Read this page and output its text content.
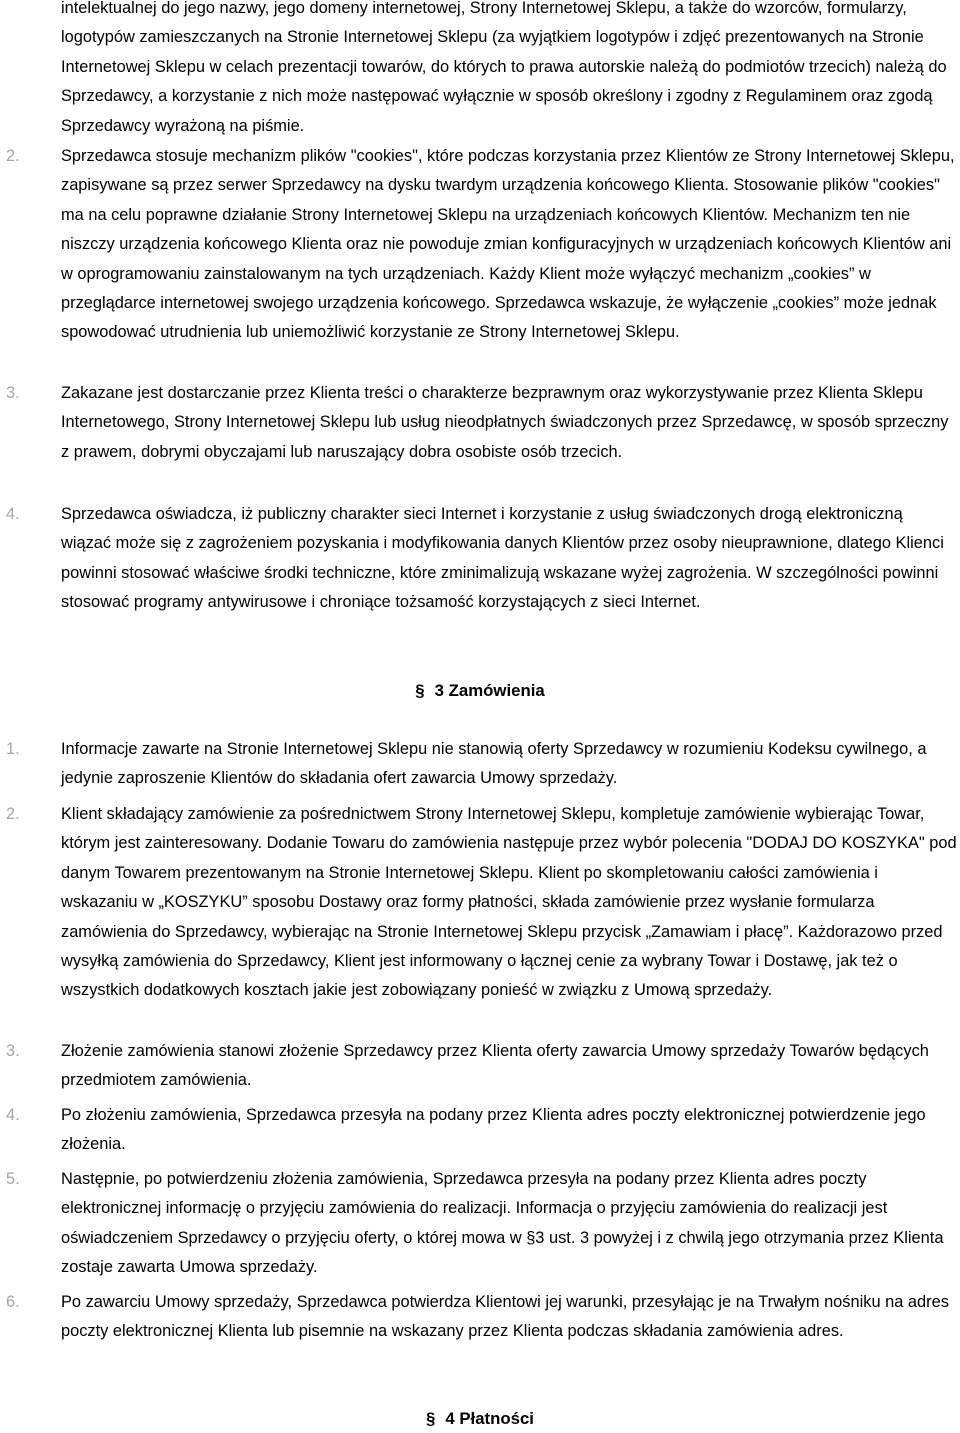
intelektualnej do jego nazwy, jego domeny internetowej, Strony Internetowej Sklepu, a także do wzorców, formularzy, logotypów zamieszczanych na Stronie Internetowej Sklepu (za wyjątkiem logotypów i zdjęć prezentowanych na Stronie Internetowej Sklepu w celach prezentacji towarów, do których to prawa autorskie należą do podmiotów trzecich) należą do Sprzedawcy, a korzystanie z nich może następować wyłącznie w sposób określony i zgodny z Regulaminem oraz zgodą Sprzedawcy wyrażoną na piśmie.
2.	Sprzedawca stosuje mechanizm plików "cookies", które podczas korzystania przez Klientów ze Strony Internetowej Sklepu, zapisywane są przez serwer Sprzedawcy na dysku twardym urządzenia końcowego Klienta. Stosowanie plików "cookies" ma na celu poprawne działanie Strony Internetowej Sklepu na urządzeniach końcowych Klientów. Mechanizm ten nie niszczy urządzenia końcowego Klienta oraz nie powoduje zmian konfiguracyjnych w urządzeniach końcowych Klientów ani w oprogramowaniu zainstalowanym na tych urządzeniach. Każdy Klient może wyłączyć mechanizm „cookies” w przeglądarce internetowej swojego urządzenia końcowego. Sprzedawca wskazuje, że wyłączenie „cookies” może jednak spowodować utrudnienia lub uniemożliwić korzystanie ze Strony Internetowej Sklepu.
3.	Zakazane jest dostarczanie przez Klienta treści o charakterze bezprawnym oraz wykorzystywanie przez Klienta Sklepu Internetowego, Strony Internetowej Sklepu lub usług nieodpłatnych świadczonych przez Sprzedawcę, w sposób sprzeczny z prawem, dobrymi obyczajami lub naruszający dobra osobiste osób trzecich.
4.	Sprzedawca oświadcza, iż publiczny charakter sieci Internet i korzystanie z usług świadczonych drogą elektroniczną wiązać może się z zagrożeniem pozyskania i modyfikowania danych Klientów przez osoby nieuprawnione, dlatego Klienci powinni stosować właściwe środki techniczne, które zminimalizują wskazane wyżej zagrożenia. W szczególności powinni stosować programy antywirusowe i chroniące tożsamość korzystających z sieci Internet.
§ 3 Zamówienia
1.	Informacje zawarte na Stronie Internetowej Sklepu nie stanowią oferty Sprzedawcy w rozumieniu Kodeksu cywilnego, a jedynie zaproszenie Klientów do składania ofert zawarcia Umowy sprzedaży.
2.	Klient składający zamówienie za pośrednictwem Strony Internetowej Sklepu, kompletuje zamówienie wybierając Towar, którym jest zainteresowany. Dodanie Towaru do zamówienia następuje przez wybór polecenia "DODAJ DO KOSZYKA" pod danym Towarem prezentowanym na Stronie Internetowej Sklepu. Klient po skompletowaniu całości zamówienia i wskazaniu w „KOSZYKU” sposobu Dostawy oraz formy płatności, składa zamówienie przez wysłanie formularza zamówienia do Sprzedawcy, wybierając na Stronie Internetowej Sklepu przycisk „Zamawiam i płacę”. Każdorazowo przed wysyłką zamówienia do Sprzedawcy, Klient jest informowany o łącznej cenie za wybrany Towar i Dostawę, jak też o wszystkich dodatkowych kosztach jakie jest zobowiązany ponieść w związku z Umową sprzedaży.
3.	Złożenie zamówienia stanowi złożenie Sprzedawcy przez Klienta oferty zawarcia Umowy sprzedaży Towarów będących przedmiotem zamówienia.
4.	Po złożeniu zamówienia, Sprzedawca przesyła na podany przez Klienta adres poczty elektronicznej potwierdzenie jego złożenia.
5.	Następnie, po potwierdzeniu złożenia zamówienia, Sprzedawca przesyła na podany przez Klienta adres poczty elektronicznej informację o przyjęciu zamówienia do realizacji. Informacja o przyjęciu zamówienia do realizacji jest oświadczeniem Sprzedawcy o przyjęciu oferty, o której mowa w §3 ust. 3 powyżej i z chwilą jego otrzymania przez Klienta zostaje zawarta Umowa sprzedaży.
6.	Po zawarciu Umowy sprzedaży, Sprzedawca potwierdza Klientowi jej warunki, przesyłając je na Trwałym nośniku na adres poczty elektronicznej Klienta lub pisemnie na wskazany przez Klienta podczas składania zamówienia adres.
§ 4 Płatności
